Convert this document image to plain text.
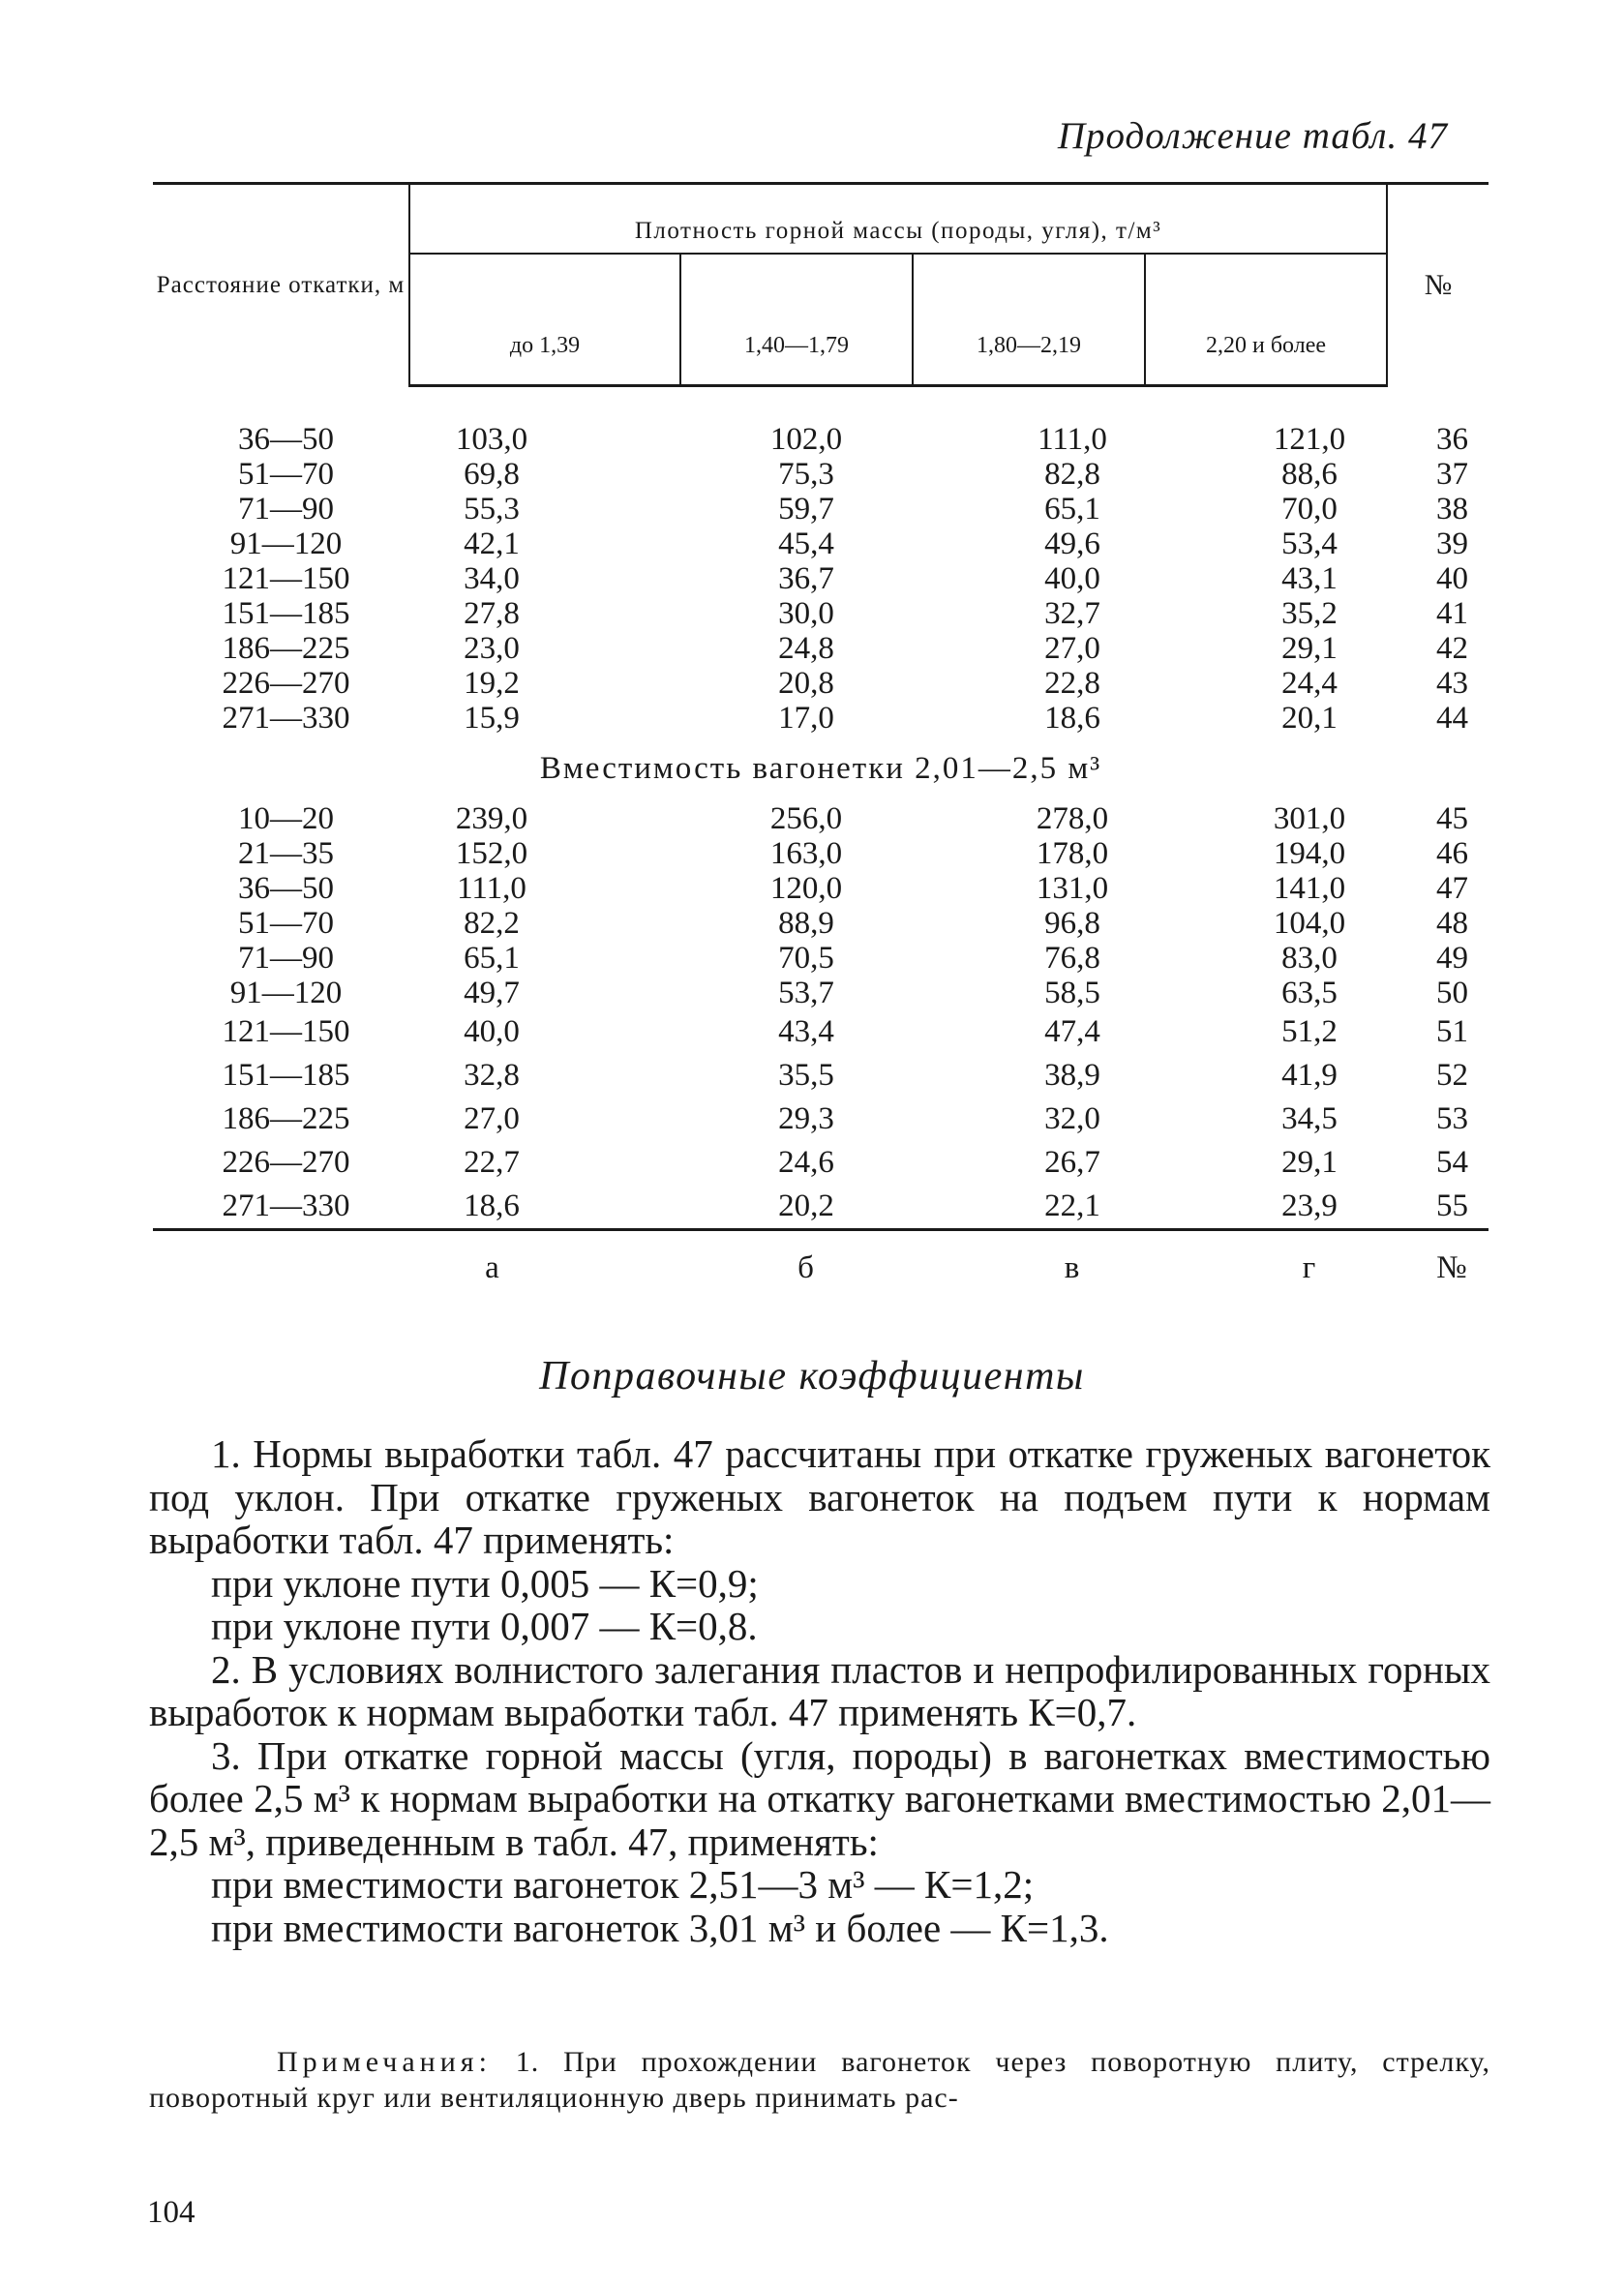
Продолжение табл. 47
Расстояние откатки, м	Плотность горной массы (породы, угля), т/м³				№
	до 1,39	1,40—1,79	1,80—2,19	2,20 и более	

36—50	103,0	102,0	111,0	121,0	36
51—70	69,8	75,3	82,8	88,6	37
71—90	55,3	59,7	65,1	70,0	38
91—120	42,1	45,4	49,6	53,4	39
121—150	34,0	36,7	40,0	43,1	40
151—185	27,8	30,0	32,7	35,2	41
186—225	23,0	24,8	27,0	29,1	42
226—270	19,2	20,8	22,8	24,4	43
271—330	15,9	17,0	18,6	20,1	44
Вместимость вагонетки 2,01—2,5 м³					
10—20	239,0	256,0	278,0	301,0	45
21—35	152,0	163,0	178,0	194,0	46
36—50	111,0	120,0	131,0	141,0	47
51—70	82,2	88,9	96,8	104,0	48
71—90	65,1	70,5	76,8	83,0	49
91—120	49,7	53,7	58,5	63,5	50
121—150	40,0	43,4	47,4	51,2	51
151—185	32,8	35,5	38,9	41,9	52
186—225	27,0	29,3	32,0	34,5	53
226—270	22,7	24,6	26,7	29,1	54
271—330	18,6	20,2	22,1	23,9	55
	а	б	в	г	№
Поправочные коэффициенты

1. Нормы выработки табл. 47 рассчитаны при откатке груженых вагонеток под уклон. При откатке груженых вагонеток на подъем пути к нормам выработки табл. 47 применять:

при уклоне пути 0,005 — К=0,9;

при уклоне пути 0,007 — К=0,8.

2. В условиях волнистого залегания пластов и непрофилированных горных выработок к нормам выработки табл. 47 применять К=0,7.

3. При откатке горной массы (угля, породы) в вагонетках вместимостью более 2,5 м³ к нормам выработки на откатку вагонетками вместимостью 2,01—2,5 м³, приведенным в табл. 47, применять:

при вместимости вагонеток 2,51—3 м³ — К=1,2;

при вместимости вагонеток 3,01 м³ и более — К=1,3.

Примечания: 1. При прохождении вагонеток через поворотную плиту, стрелку, поворотный круг или вентиляционную дверь принимать рас-
104
